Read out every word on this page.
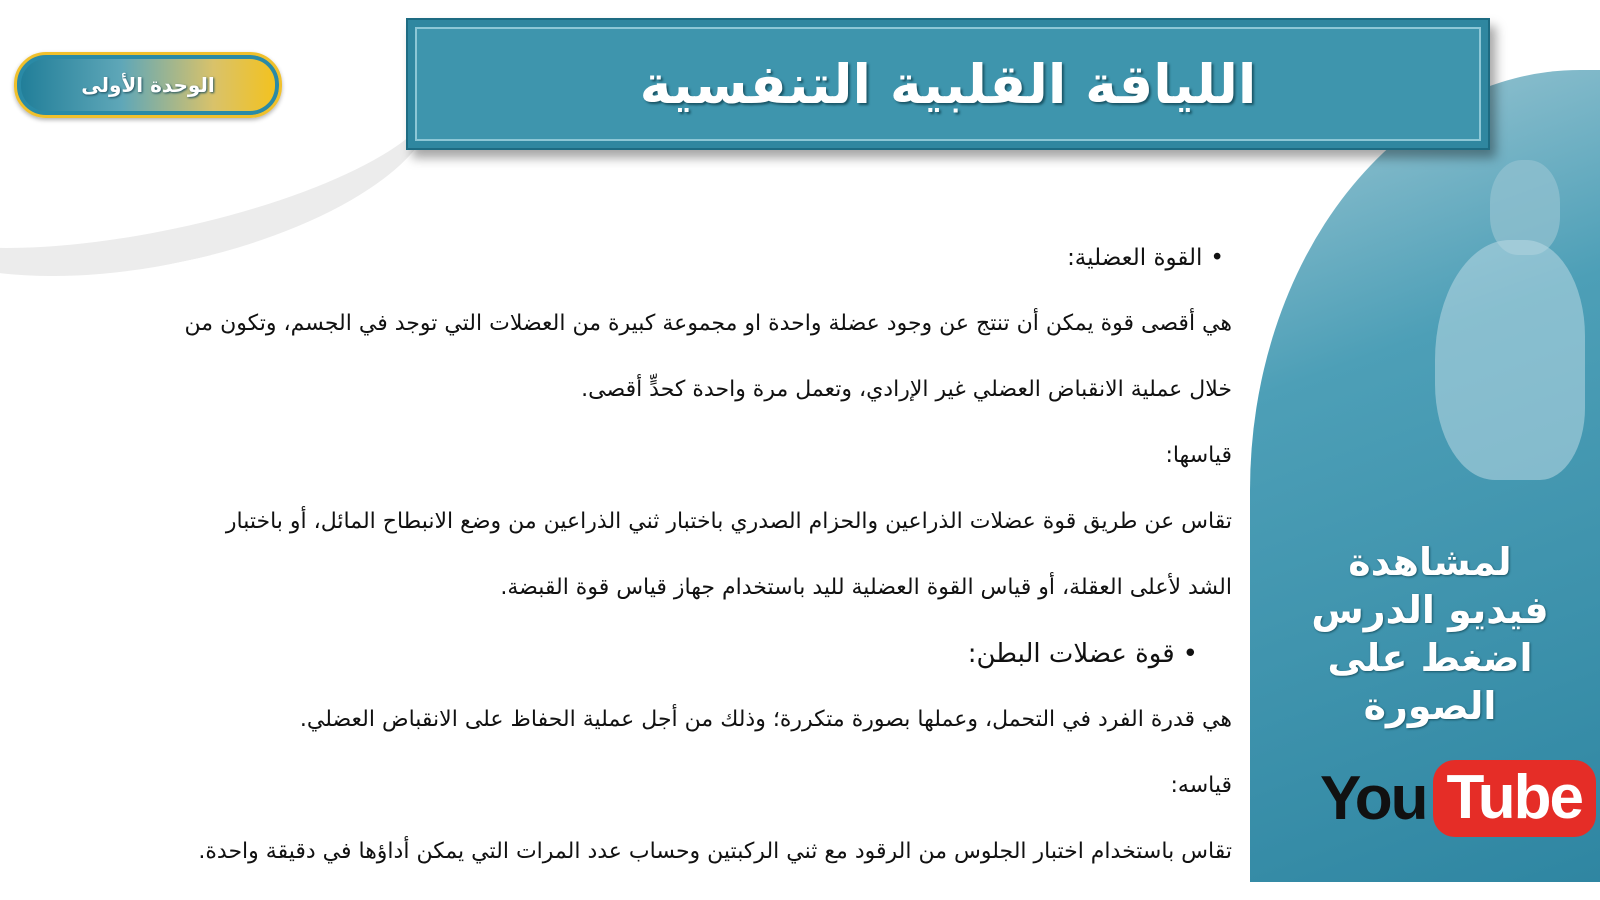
الوحدة الأولى	اللياقة القلبية التنفسية
لمشاهدة فيديو الدرس اضغط على الصورة
You Tube

•القوة العضلية:

هي أقصى قوة يمكن أن تنتج عن وجود عضلة واحدة او مجموعة كبيرة من العضلات التي توجد في الجسم، وتكون من

خلال عملية الانقباض العضلي غير الإرادي، وتعمل مرة واحدة كحدٍّ أقصى.

قياسها:

تقاس عن طريق قوة عضلات الذراعين والحزام الصدري باختبار ثني الذراعين من وضع الانبطاح المائل، أو باختبار

الشد لأعلى العقلة، أو قياس القوة العضلية لليد باستخدام جهاز قياس قوة القبضة.

•قوة عضلات البطن:

هي قدرة الفرد في التحمل، وعملها بصورة متكررة؛ وذلك من أجل عملية الحفاظ على الانقباض العضلي.

قياسه:

تقاس باستخدام اختبار الجلوس من الرقود مع ثني الركبتين وحساب عدد المرات التي يمكن أداؤها في دقيقة واحدة.
